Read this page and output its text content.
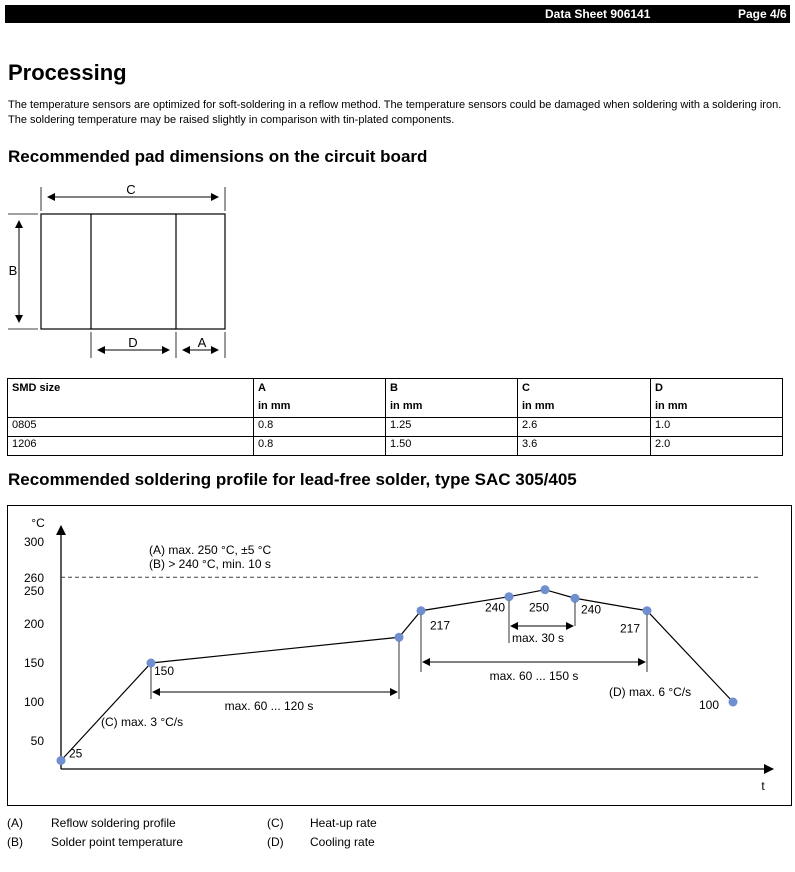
Data Sheet 906141	Page 4/6
Processing
The temperature sensors are optimized for soft-soldering in a reflow method. The temperature sensors could be damaged when soldering with a soldering iron. The soldering temperature may be raised slightly in comparison with tin-plated components.
Recommended pad dimensions on the circuit board
C
B
D	A
SMD size	A	B	C	D
	in mm	in mm	in mm	in mm
0805	0.8	1.25	2.6	1.0
1206	0.8	1.50	3.6	2.0
Recommended soldering profile for lead-free solder, type SAC 305/405
°C
t
50
100
150
200
250
260
300
25
150
217
240 250	240
217
100
(A) max. 250 °C, ±5 °C
(B) > 240 °C, min. 10 s
(C) max. 3 °C/s
(D) max. 6 °C/s
max. 60 ... 120 s
max. 60 ... 150 s
max. 30 s
(A) Reflow soldering profile
(B) Solder point temperature
(C) Heat-up rate
(D) Cooling rate
